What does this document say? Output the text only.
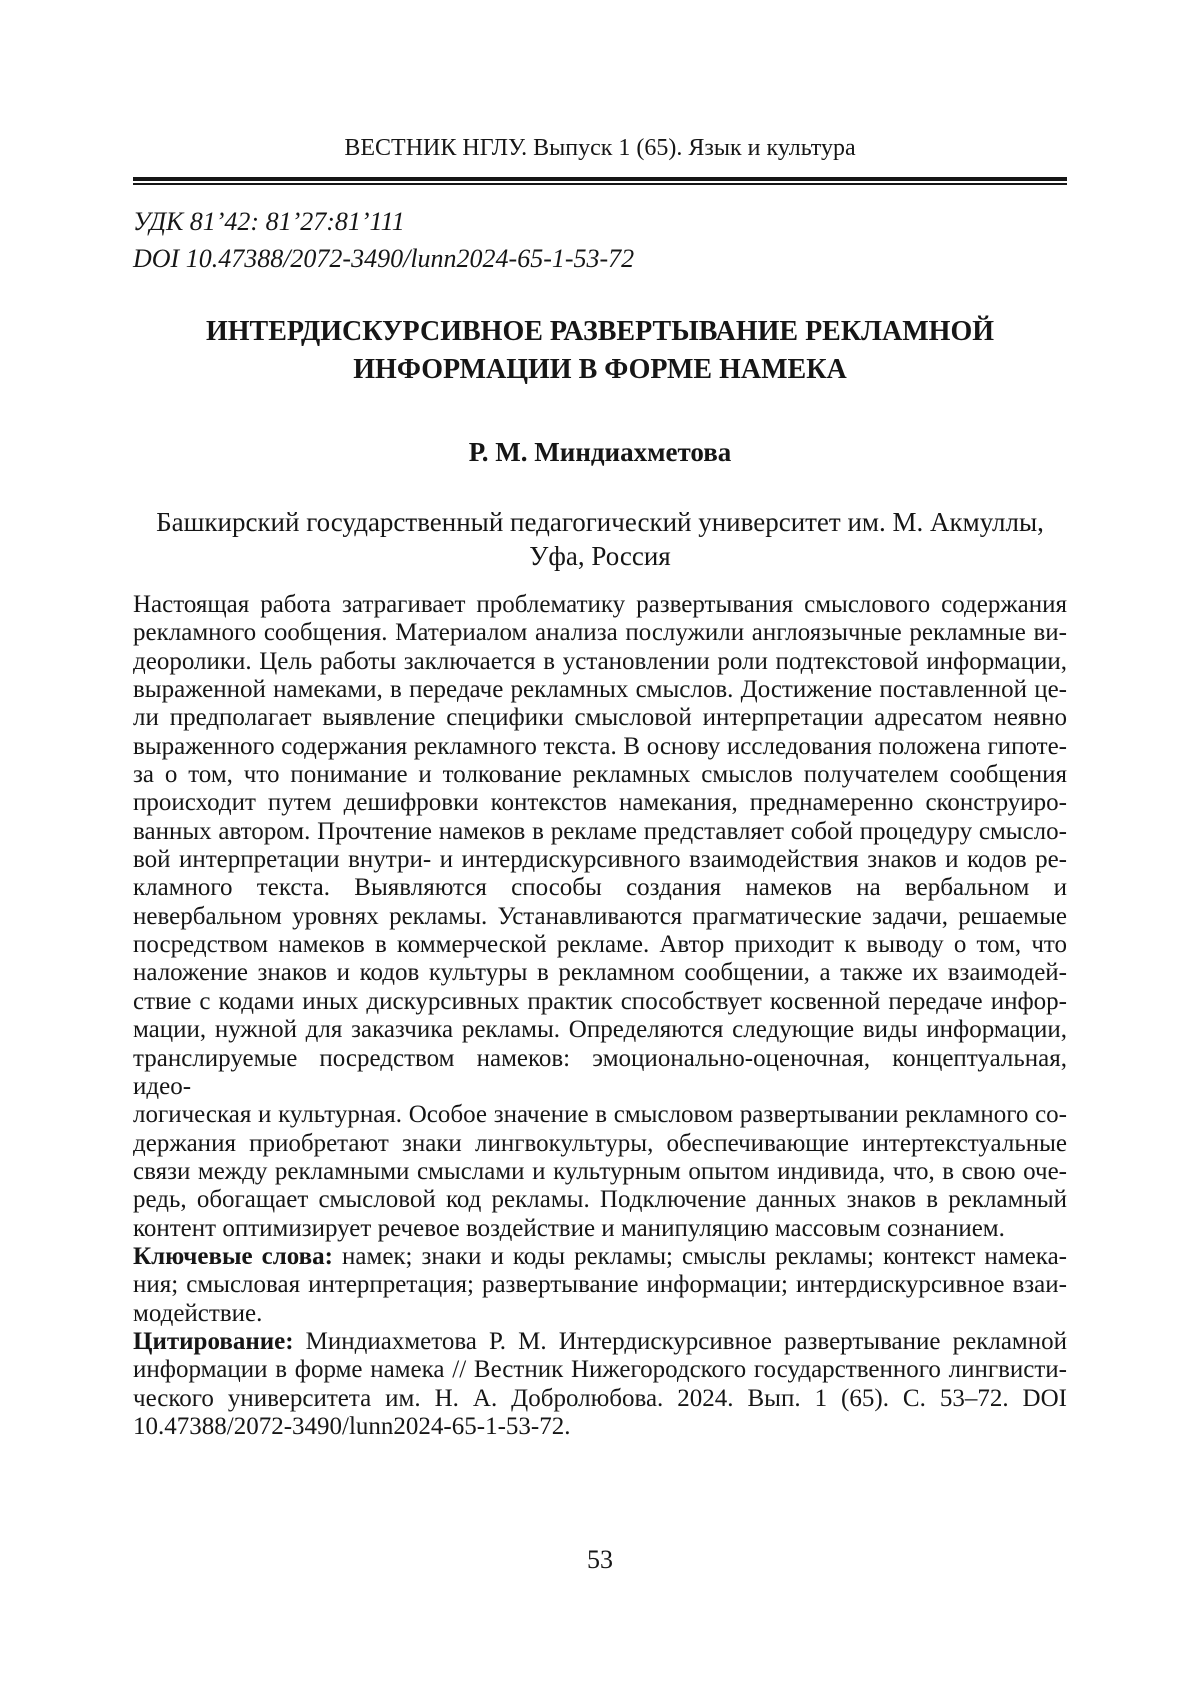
ВЕСТНИК НГЛУ. Выпуск 1 (65). Язык и культура
УДК 81’42: 81’27:81’111
DOI 10.47388/2072-3490/lunn2024-65-1-53-72
ИНТЕРДИСКУРСИВНОЕ РАЗВЕРТЫВАНИЕ РЕКЛАМНОЙ
ИНФОРМАЦИИ В ФОРМЕ НАМЕКА
Р. М. Миндиахметова
Башкирский государственный педагогический университет им. М. Акмуллы,
Уфа, Россия
Настоящая работа затрагивает проблематику развертывания смыслового содержания
рекламного сообщения. Материалом анализа послужили англоязычные рекламные ви-
деоролики. Цель работы заключается в установлении роли подтекстовой информации,
выраженной намеками, в передаче рекламных смыслов. Достижение поставленной це-
ли предполагает выявление специфики смысловой интерпретации адресатом неявно
выраженного содержания рекламного текста. В основу исследования положена гипоте-
за о том, что понимание и толкование рекламных смыслов получателем сообщения
происходит путем дешифровки контекстов намекания, преднамеренно сконструиро-
ванных автором. Прочтение намеков в рекламе представляет собой процедуру смысло-
вой интерпретации внутри- и интердискурсивного взаимодействия знаков и кодов ре-
кламного текста. Выявляются способы создания намеков на вербальном и
невербальном уровнях рекламы. Устанавливаются прагматические задачи, решаемые
посредством намеков в коммерческой рекламе. Автор приходит к выводу о том, что
наложение знаков и кодов культуры в рекламном сообщении, а также их взаимодей-
ствие с кодами иных дискурсивных практик способствует косвенной передаче инфор-
мации, нужной для заказчика рекламы. Определяются следующие виды информации,
транслируемые посредством намеков: эмоционально-оценочная, концептуальная, идео-
логическая и культурная. Особое значение в смысловом развертывании рекламного со-
держания приобретают знаки лингвокультуры, обеспечивающие интертекстуальные
связи между рекламными смыслами и культурным опытом индивида, что, в свою оче-
редь, обогащает смысловой код рекламы. Подключение данных знаков в рекламный
контент оптимизирует речевое воздействие и манипуляцию массовым сознанием.
Ключевые слова: намек; знаки и коды рекламы; смыслы рекламы; контекст намека-
ния; смысловая интерпретация; развертывание информации; интердискурсивное взаи-
модействие.
Цитирование: Миндиахметова Р. М. Интердискурсивное развертывание рекламной
информации в форме намека // Вестник Нижегородского государственного лингвисти-
ческого университета им. Н. А. Добролюбова. 2024. Вып. 1 (65). С. 53–72. DOI
10.47388/2072-3490/lunn2024-65-1-53-72.
53
